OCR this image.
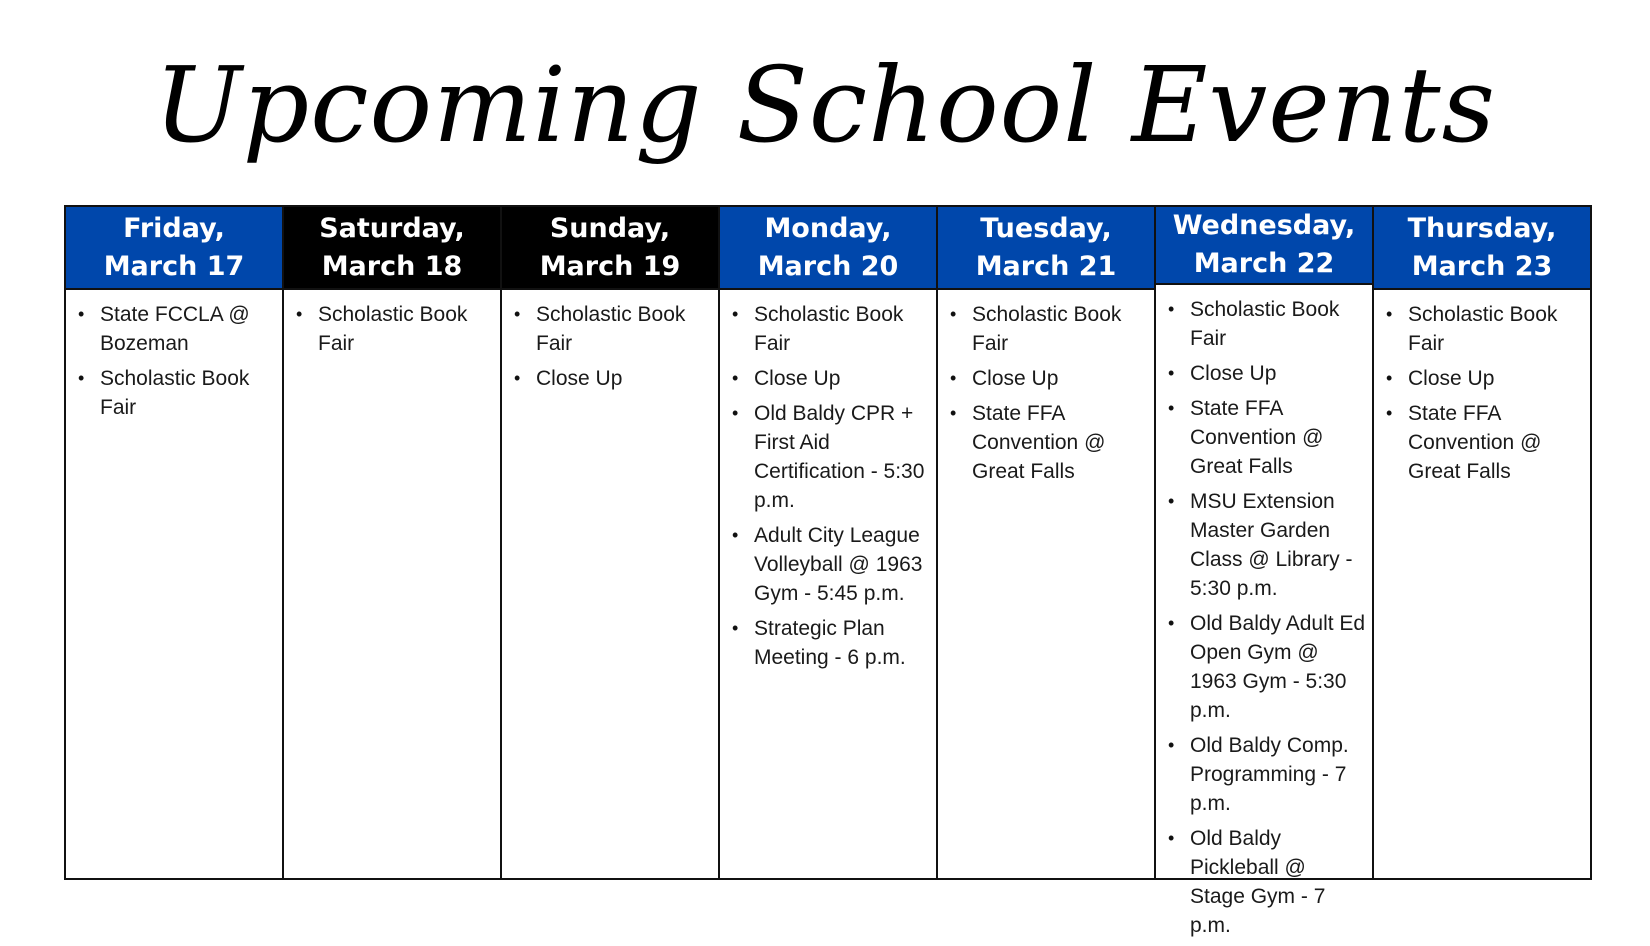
Upcoming School Events
Friday,
March 17
• State FCCLA @ Bozeman
• Scholastic Book Fair
Saturday,
March 18
• Scholastic Book Fair
Sunday,
March 19
• Scholastic Book Fair
• Close Up
Monday,
March 20
• Scholastic Book Fair
• Close Up
• Old Baldy CPR + First Aid Certification - 5:30 p.m.
• Adult City League Volleyball @ 1963 Gym - 5:45 p.m.
• Strategic Plan Meeting - 6 p.m.
Tuesday,
March 21
• Scholastic Book Fair
• Close Up
• State FFA Convention @ Great Falls
Wednesday,
March 22
• Scholastic Book Fair
• Close Up
• State FFA Convention @ Great Falls
• MSU Extension Master Garden Class @ Library - 5:30 p.m.
• Old Baldy Adult Ed Open Gym @ 1963 Gym - 5:30 p.m.
• Old Baldy Comp. Programming - 7 p.m.
• Old Baldy Pickleball @ Stage Gym - 7 p.m.
Thursday,
March 23
• Scholastic Book Fair
• Close Up
• State FFA Convention @ Great Falls
